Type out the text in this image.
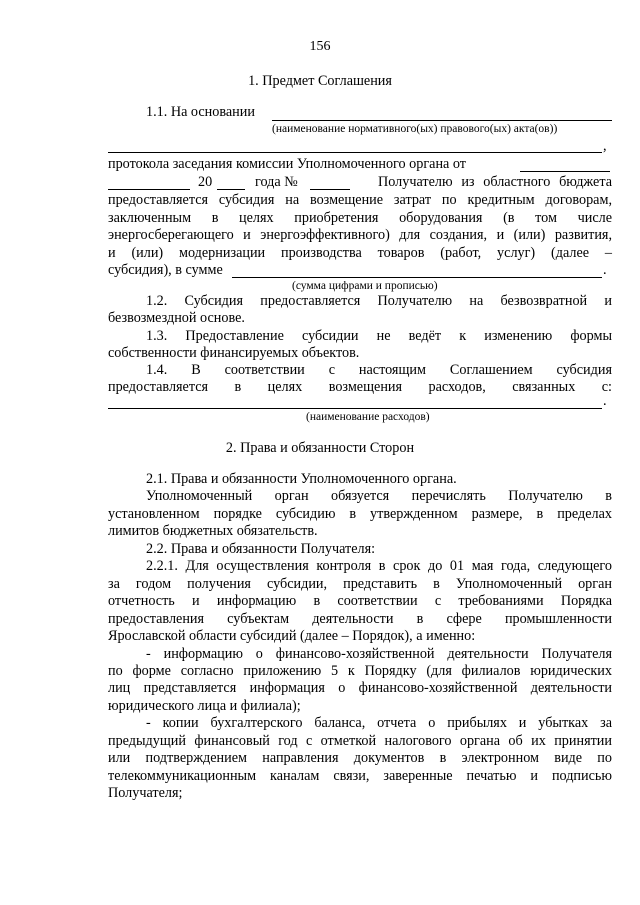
156
1. Предмет Соглашения
1.1. На основании
(наименование нормативного(ых) правового(ых) акта(ов))
,
протокола заседания комиссии Уполномоченного органа от
20	года №	Получателю из областного бюджета
предоставляется субсидия на возмещение затрат по кредитным договорам,
заключенным в целях приобретения оборудования (в том числе
энергосберегающего и энергоэффективного) для создания, и (или) развития,
и (или) модернизации производства товаров (работ, услуг) (далее –
субсидия), в сумме	.
(сумма цифрами и прописью)
1.2. Субсидия предоставляется Получателю на безвозвратной и
безвозмездной основе.
1.3. Предоставление субсидии не ведёт к изменению формы
собственности финансируемых объектов.
1.4. В соответствии с настоящим Соглашением субсидия
предоставляется в целях возмещения расходов, связанных с:
.
(наименование расходов)
2. Права и обязанности Сторон
2.1. Права и обязанности Уполномоченного органа.
Уполномоченный орган обязуется перечислять Получателю в
установленном порядке субсидию в утвержденном размере, в пределах
лимитов бюджетных обязательств.
2.2. Права и обязанности Получателя:
2.2.1. Для осуществления контроля в срок до 01 мая года, следующего
за годом получения субсидии, представить в Уполномоченный орган
отчетность и информацию в соответствии с требованиями Порядка
предоставления субъектам деятельности в сфере промышленности
Ярославской области субсидий (далее – Порядок), а именно:
- информацию о финансово-хозяйственной деятельности Получателя
по форме согласно приложению 5 к Порядку (для филиалов юридических
лиц представляется информация о финансово-хозяйственной деятельности
юридического лица и филиала);
- копии бухгалтерского баланса, отчета о прибылях и убытках за
предыдущий финансовый год с отметкой налогового органа об их принятии
или подтверждением направления документов в электронном виде по
телекоммуникационным каналам связи, заверенные печатью и подписью
Получателя;
